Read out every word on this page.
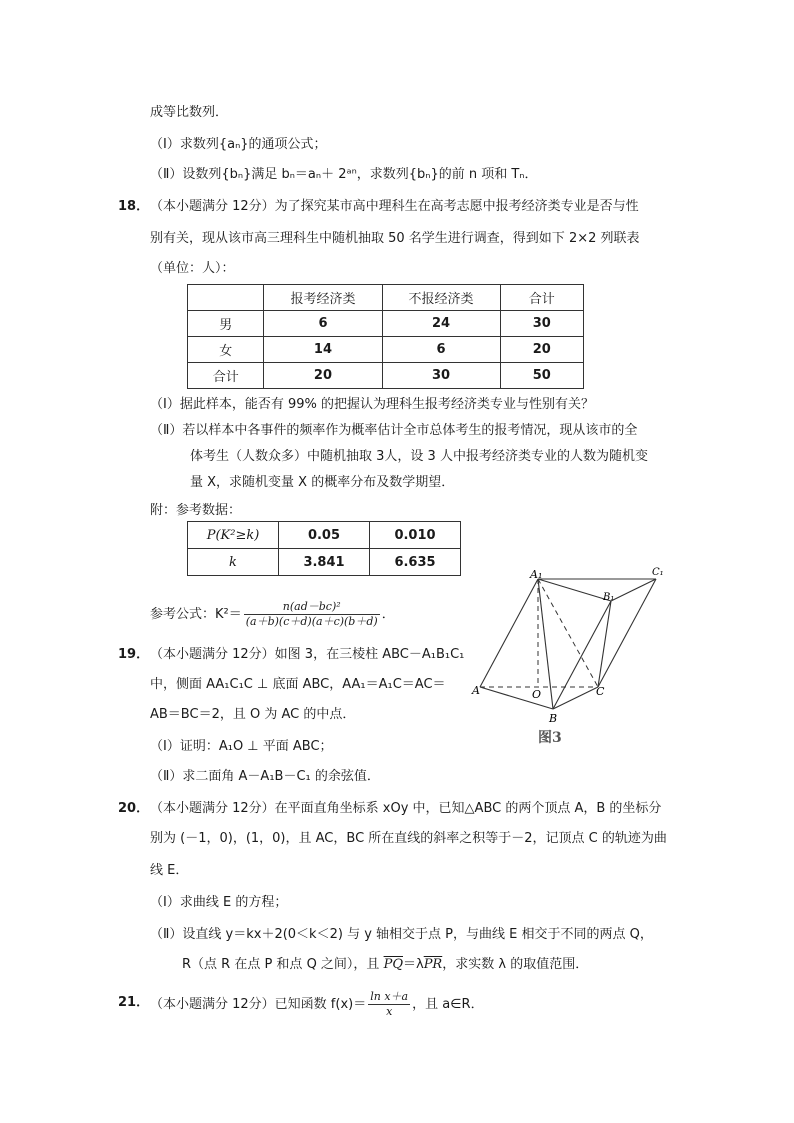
成等比数列．
（Ⅰ）求数列{aₙ}的通项公式；
（Ⅱ）设数列{bₙ}满足 bₙ＝aₙ＋ 2ᵃⁿ，求数列{bₙ}的前 n 项和 Tₙ．
18． （本小题满分 12分）为了探究某市高中理科生在高考志愿中报考经济类专业是否与性
别有关，现从该市高三理科生中随机抽取 50 名学生进行调查，得到如下 2×2 列联表
（单位：人）：
	报考经济类	不报经济类	合计
男	6	24	30
女	14	6	20
合计	20	30	50
（Ⅰ）据此样本，能否有 99% 的把握认为理科生报考经济类专业与性别有关？
（Ⅱ）若以样本中各事件的频率作为概率估计全市总体考生的报考情况，现从该市的全
体考生（人数众多）中随机抽取 3人，设 3 人中报考经济类专业的人数为随机变
量 X，求随机变量 X 的概率分布及数学期望．
附：参考数据：
P(K²≥k)	0.05	0.010
k	3.841	6.635
参考公式：$K^2= \frac{\text{n(ad－bc)²}}{(a+b)(c+d)(a+c)(b+d)}$ ．
A₁
B₁
C₁
A	O
B
C
图3
19． （本小题满分 12分）如图 3，在三棱柱 ABC－A₁B₁C₁
中，侧面 AA₁C₁C ⊥ 底面 ABC，AA₁＝A₁C＝AC＝
AB＝BC＝2，且 O 为 AC 的中点．
（Ⅰ）证明：A₁O ⊥ 平面 ABC；
（Ⅱ）求二面角 A－A₁B－C₁ 的余弦值．
20． （本小题满分 12分）在平面直角坐标系 xOy 中，已知△ABC 的两个顶点 A，B 的坐标分
别为 (－1，0)，(1，0)，且 AC，BC 所在直线的斜率之积等于－2，记顶点 C 的轨迹为曲
线 E．
（Ⅰ）求曲线 E 的方程；
（Ⅱ）设直线 y＝kx＋2(0＜k＜2) 与 y 轴相交于点 P，与曲线 E 相交于不同的两点 Q，
R（点 R 在点 P 和点 Q 之间），且 $\overline{PQ}=\lambda\overline{PR}$，求实数 λ 的取值范围．
21． （本小题满分 12分）已知函数 $f(x)= \frac{\text{ln x＋a}}{x}$ ，且 a∈R．
